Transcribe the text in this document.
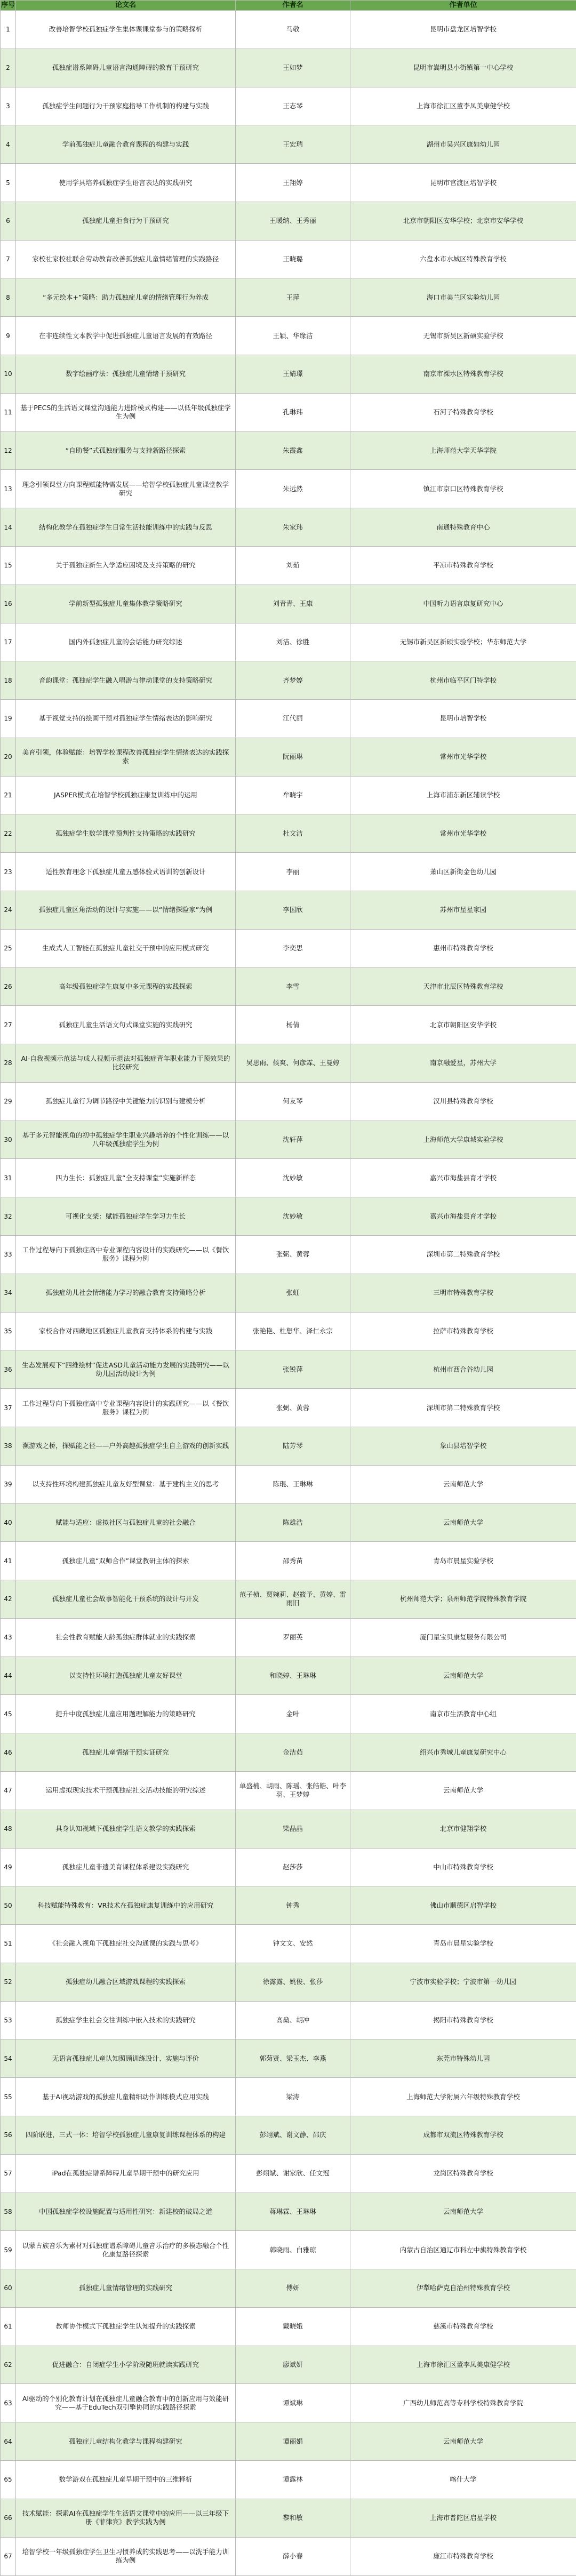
序号	论文名	作者名	作者单位
1	改善培智学校孤独症学生集体课课堂参与的策略探析	马敬	昆明市盘龙区培智学校
2	孤独症谱系障碍儿童语言沟通障碍的教育干预研究	王如梦	昆明市嵩明县小街镇第一中心学校
3	孤独症学生问题行为干预家庭指导工作机制的构建与实践	王志琴	上海市徐汇区董李凤美康健学校
4	学前孤独症儿童融合教育课程的构建与实践	王宏瑞	湖州市吴兴区康如幼儿园
5	使用学具培养孤独症学生语言表达的实践研究	王翔婷	昆明市官渡区培智学校
6	孤独症儿童拒食行为干预研究	王暖纳、王秀丽	北京市朝阳区安华学校；北京市安华学校
7	家校社家校社联合劳动教育改善孤独症儿童情绪管理的实践路径	王晓璐	六盘水市水城区特殊教育学校
8	“多元绘本+”策略：助力孤独症儿童的情绪管理行为养成	王萍	海口市美兰区实验幼儿园
9	在非连续性文本教学中促进孤独症儿童语言发展的有效路径	王颖、华缘洁	无锡市新吴区新硕实验学校
10	数字绘画疗法：孤独症儿童情绪干预研究	王婧璟	南京市溧水区特殊教育学校
11	基于PECS的生活语文课堂沟通能力进阶模式构建——以低年级孤独症学生为例	孔琳玮	石河子特殊教育学校
12	“自助餐”式孤独症服务与支持新路径探索	朱霞鑫	上海师范大学天华学院
13	理念引领课堂方向课程赋能特需发展——培智学校孤独症儿童课堂教学研究	朱远然	镇江市京口区特殊教育学校
14	结构化教学在孤独症学生日常生活技能训练中的实践与反思	朱家玮	南通特殊教育中心
15	关于孤独症新生入学适应困境及支持策略的研究	刘茹	平凉市特殊教育学校
16	学前新型孤独症儿童集体教学策略研究	刘青青、王康	中国听力语言康复研究中心
17	国内外孤独症儿童的会话能力研究综述	刘洁、徐胜	无锡市新吴区新硕实验学校；华东师范大学
18	音韵课堂：孤独症学生融入唱游与律动课堂的支持策略研究	齐梦婷	杭州市临平区门特学校
19	基于视觉支持的绘画干预对孤独症学生情绪表达的影响研究	江代丽	昆明市培智学校
20	美育引领，体验赋能：培智学校课程改善孤独症学生情绪表达的实践探索	阮丽琳	常州市光华学校
21	JASPER模式在培智学校孤独症康复训练中的运用	牟晓宇	上海市浦东新区辅读学校
22	孤独症学生数学课堂预判性支持策略的实践研究	杜文洁	常州市光华学校
23	适性教育理念下孤独症儿童五感体验式语训的创新设计	李丽	萧山区新街金色幼儿园
24	孤独症儿童区角活动的设计与实施——以“情绪探险家”为例	李国欣	苏州市星星家园
25	生成式人工智能在孤独症儿童社交干预中的应用模式研究	李奕思	惠州市特殊教育学校
26	高年级孤独症学生康复中多元课程的实践探索	李雪	天津市北辰区特殊教育学校
27	孤独症儿童生活语文句式课堂实施的实践研究	杨倩	北京市朝阳区安华学校
28	AI-自我视频示范法与成人视频示范法对孤独症青年职业能力干预效果的比较研究	吴思雨、候爽、何彦霖、王曼婷	南京融爱星，苏州大学
29	孤独症儿童行为调节路径中关键能力的识别与建模分析	何友琴	汉川县特殊教育学校
30	基于多元智能视角的初中孤独症学生职业兴趣培养的个性化训练——以八年级孤独症学生为例	沈轩萍	上海师范大学康城实验学校
31	四力生长：孤独症儿童“全支持课堂”实施新样态	沈妙敏	嘉兴市海盐县育才学校
32	可视化支架：赋能孤独症学生学习力生长	沈妙敏	嘉兴市海盐县育才学校
33	工作过程导向下孤独症高中专业课程内容设计的实践研究——以《餐饮服务》课程为例	张弼、黄蓉	深圳市第二特殊教育学校
34	孤独症幼儿社会情绪能力学习的融合教育支持策略分析	张虹	三明市特殊教育学校
35	家校合作对西藏地区孤独症儿童教育支持体系的构建与实践	张艳艳、杜想华、泽仁永宗	拉萨市特殊教育学校
36	生态发展观下“四维绘材”促进ASD儿童活动能力发展的实践研究——以幼儿园活动设计为例	张锐萍	杭州市西合谷幼儿园
37	工作过程导向下孤独症高中专业课程内容设计的实践研究——以《餐饮服务》课程为例	张弼、黄蓉	深圳市第二特殊教育学校
38	濒游戏之桥，探赋能之径——户外高趣孤独症学生自主游戏的创新实践	陆芳琴	象山县培智学校
39	以支持性环境构建孤独症儿童友好型课堂：基于建构主义的思考	陈琨、王琳琳	云南师范大学
40	赋能与适应：虚拟社区与孤独症儿童的社会融合	陈雄浩	云南师范大学
41	孤独症儿童“双师合作”课堂教研主体的探索	邵秀苗	青岛市晨星实验学校
42	孤独症儿童社会故事智能化干预系统的设计与开发	范子桢、贾婉莉、赵筱予、黄婷、雷雨旧	杭州师范大学；泉州师范学院特殊教育学院
43	社会性教育赋能大龄孤独症群体就业的实践探索	罗丽英	厦门星宝贝康复服务有限公司
44	以支持性环境打造孤独症儿童友好课堂	和晓婷、王琳琳	云南师范大学
45	提升中度孤独症儿童应用题理解能力的策略研究	金叶	南京市生活教育中心组
46	孤独症儿童情绪干预实证研究	金洁茹	绍兴市秀城儿童康复研究中心
47	运用虚拟现实技术干预孤独症社交活动技能的研究综述	单盛楠、胡雨、陈瑶、张皓皓、叶李羽、王梦婷	云南师范大学
48	具身认知视域下孤独症学生语文教学的实践探索	梁晶晶	北京市健翔学校
49	孤独症儿童非遗美育课程体系建设实践研究	赵莎莎	中山市特殊教育学校
50	科技赋能特殊教育：VR技术在孤独症康复训练中的应用研究	钟秀	佛山市顺德区启智学校
51	《社会融入视角下孤独症社交沟通课的实践与思考》	钟文文、安然	青岛市晨星实验学校
52	孤独症幼儿融合区域游戏课程的实践探索	徐露露、姚俊、张莎	宁波市实验学校；宁波市第一幼儿园
53	孤独症学生社会交往训练中嵌入技术的实践研究	高燊、胡冲	揭阳市特殊教育学校
54	无语言孤独症儿童认知照顾训练设计、实施与评价	郭菊贤、梁玉杰、李燕	东莞市特殊幼儿园
55	基于AI视动游戏的孤独症儿童精细动作训练模式应用实践	梁涛	上海师范大学附属六年级特殊教育学校
56	四阶联进，三式一体：培智学校孤独症儿童康复训练课程体系的构建	彭翊斌、谢文静、邵庆	成都市双流区特殊教育学校
57	iPad在孤独症谱系障碍儿童早期干预中的研究应用	彭翊斌、谢家欣、任文冠	龙岗区特殊教育学校
58	中国孤独症学校设施配置与适用性研究：新建校的破局之道	蒋琳霖、王琳琳	云南师范大学
59	以蒙古族音乐为素材对孤独症谱系障碍儿童音乐治疗的多模态融合个性化康复路径探索	韩晓雨、白雅琼	内蒙古自治区通辽市科左中旗特殊教育学校
60	孤独症儿童情绪管理的实践研究	傅妍	伊犁哈萨克自治州特殊教育学校
61	教师协作模式下孤独症学生认知提升的实践探索	戴晓娥	慈溪市特殊教育学校
62	促进融合：自闭症学生小学阶段随班就读实践研究	廖斌妍	上海市徐汇区董李凤美康健学校
63	AI驱动的个别化教育计划在孤独症儿童融合教育中的创新应用与效能研究——基于EduTech双引擎协同的实践路径探索	谭斌琳	广西幼儿师范高等专科学校特殊教育学院
64	孤独症儿童结构化教学与课程构建研究	谭丽娟	云南师范大学
65	数学游戏在孤独症儿童早期干预中的三维释析	谭露林	喀什大学
66	技术赋能：探索AI在孤独症学生生活语文课堂中的应用——以三年级下册《菲律宾》教学实践为例	黎和敏	上海市普陀区启星学校
67	培智学校一年级孤独症学生卫生习惯养成的实践思考——以洗手能力训练为例	薛小春	廉江市特殊教育学校
